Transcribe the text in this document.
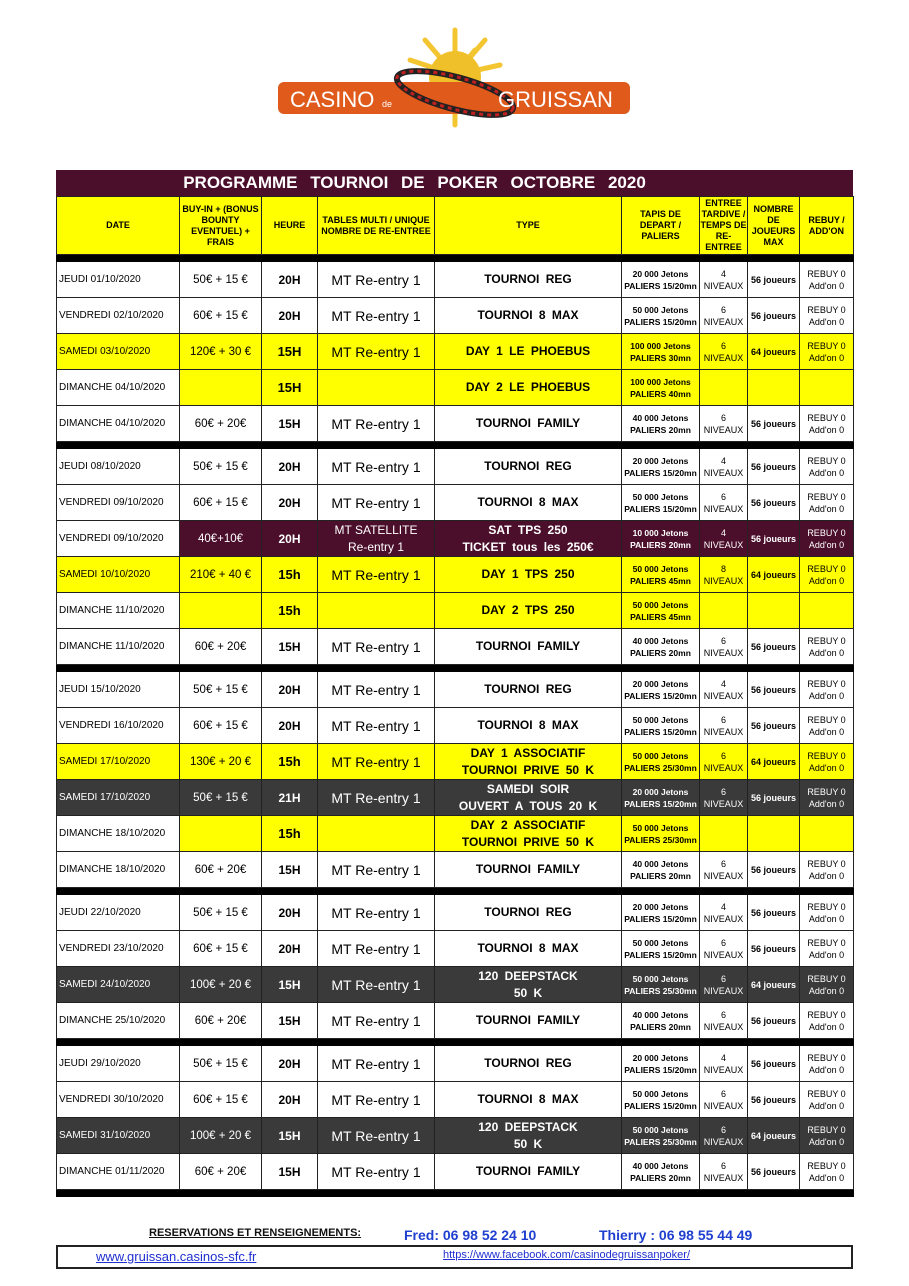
CASINO de	GRUISSAN
PROGRAMME TOURNOI DE POKER OCTOBRE 2020
DATE	BUY-IN + (BONUS BOUNTY EVENTUEL) + FRAIS	HEURE	TABLES MULTI / UNIQUE NOMBRE DE RE-ENTREE	TYPE	TAPIS DE DEPART / PALIERS	ENTREE TARDIVE / TEMPS DE RE-ENTREE	NOMBRE DE JOUEURS MAX	REBUY / ADD'ON

JEUDI 01/10/2020	50€ + 15 €	20H	MT Re-entry 1	TOURNOI REG	20 000 Jetons
PALIERS 15/20mn	4
NIVEAUX	56 joueurs	REBUY 0
Add'on 0
VENDREDI 02/10/2020	60€ + 15 €	20H	MT Re-entry 1	TOURNOI 8 MAX	50 000 Jetons
PALIERS 15/20mn	6
NIVEAUX	56 joueurs	REBUY 0
Add'on 0
SAMEDI 03/10/2020	120€ + 30 €	15H	MT Re-entry 1	DAY 1 LE PHOEBUS	100 000 Jetons
PALIERS 30mn	6
NIVEAUX	64 joueurs	REBUY 0
Add'on 0
DIMANCHE 04/10/2020		15H		DAY 2 LE PHOEBUS	100 000 Jetons
PALIERS 40mn			
DIMANCHE 04/10/2020	60€ + 20€	15H	MT Re-entry 1	TOURNOI FAMILY	40 000 Jetons
PALIERS 20mn	6
NIVEAUX	56 joueurs	REBUY 0
Add'on 0

JEUDI 08/10/2020	50€ + 15 €	20H	MT Re-entry 1	TOURNOI REG	20 000 Jetons
PALIERS 15/20mn	4
NIVEAUX	56 joueurs	REBUY 0
Add'on 0
VENDREDI 09/10/2020	60€ + 15 €	20H	MT Re-entry 1	TOURNOI 8 MAX	50 000 Jetons
PALIERS 15/20mn	6
NIVEAUX	56 joueurs	REBUY 0
Add'on 0
VENDREDI 09/10/2020	40€+10€	20H	MT SATELLITE
Re-entry 1	SAT TPS 250
TICKET tous les 250€	10 000 Jetons
PALIERS 20mn	4
NIVEAUX	56 joueurs	REBUY 0
Add'on 0
SAMEDI 10/10/2020	210€ + 40 €	15h	MT Re-entry 1	DAY 1 TPS 250	50 000 Jetons
PALIERS 45mn	8
NIVEAUX	64 joueurs	REBUY 0
Add'on 0
DIMANCHE 11/10/2020		15h		DAY 2 TPS 250	50 000 Jetons
PALIERS 45mn			
DIMANCHE 11/10/2020	60€ + 20€	15H	MT Re-entry 1	TOURNOI FAMILY	40 000 Jetons
PALIERS 20mn	6
NIVEAUX	56 joueurs	REBUY 0
Add'on 0

JEUDI 15/10/2020	50€ + 15 €	20H	MT Re-entry 1	TOURNOI REG	20 000 Jetons
PALIERS 15/20mn	4
NIVEAUX	56 joueurs	REBUY 0
Add'on 0
VENDREDI 16/10/2020	60€ + 15 €	20H	MT Re-entry 1	TOURNOI 8 MAX	50 000 Jetons
PALIERS 15/20mn	6
NIVEAUX	56 joueurs	REBUY 0
Add'on 0
SAMEDI 17/10/2020	130€ + 20 €	15h	MT Re-entry 1	DAY 1 ASSOCIATIF
TOURNOI PRIVE 50 K	50 000 Jetons
PALIERS 25/30mn	6
NIVEAUX	64 joueurs	REBUY 0
Add'on 0
SAMEDI 17/10/2020	50€ + 15 €	21H	MT Re-entry 1	SAMEDI SOIR
OUVERT A TOUS 20 K	20 000 Jetons
PALIERS 15/20mn	6
NIVEAUX	56 joueurs	REBUY 0
Add'on 0
DIMANCHE 18/10/2020		15h		DAY 2 ASSOCIATIF
TOURNOI PRIVE 50 K	50 000 Jetons
PALIERS 25/30mn			
DIMANCHE 18/10/2020	60€ + 20€	15H	MT Re-entry 1	TOURNOI FAMILY	40 000 Jetons
PALIERS 20mn	6
NIVEAUX	56 joueurs	REBUY 0
Add'on 0

JEUDI 22/10/2020	50€ + 15 €	20H	MT Re-entry 1	TOURNOI REG	20 000 Jetons
PALIERS 15/20mn	4
NIVEAUX	56 joueurs	REBUY 0
Add'on 0
VENDREDI 23/10/2020	60€ + 15 €	20H	MT Re-entry 1	TOURNOI 8 MAX	50 000 Jetons
PALIERS 15/20mn	6
NIVEAUX	56 joueurs	REBUY 0
Add'on 0
SAMEDI 24/10/2020	100€ + 20 €	15H	MT Re-entry 1	120 DEEPSTACK
50 K	50 000 Jetons
PALIERS 25/30mn	6
NIVEAUX	64 joueurs	REBUY 0
Add'on 0
DIMANCHE 25/10/2020	60€ + 20€	15H	MT Re-entry 1	TOURNOI FAMILY	40 000 Jetons
PALIERS 20mn	6
NIVEAUX	56 joueurs	REBUY 0
Add'on 0

JEUDI 29/10/2020	50€ + 15 €	20H	MT Re-entry 1	TOURNOI REG	20 000 Jetons
PALIERS 15/20mn	4
NIVEAUX	56 joueurs	REBUY 0
Add'on 0
VENDREDI 30/10/2020	60€ + 15 €	20H	MT Re-entry 1	TOURNOI 8 MAX	50 000 Jetons
PALIERS 15/20mn	6
NIVEAUX	56 joueurs	REBUY 0
Add'on 0
SAMEDI 31/10/2020	100€ + 20 €	15H	MT Re-entry 1	120 DEEPSTACK
50 K	50 000 Jetons
PALIERS 25/30mn	6
NIVEAUX	64 joueurs	REBUY 0
Add'on 0
DIMANCHE 01/11/2020	60€ + 20€	15H	MT Re-entry 1	TOURNOI FAMILY	40 000 Jetons
PALIERS 20mn	6
NIVEAUX	56 joueurs	REBUY 0
Add'on 0

RESERVATIONS ET RENSEIGNEMENTS:	Fred: 06 98 52 24 10	Thierry : 06 98 55 44 49
www.gruissan.casinos-sfc.fr	https://www.facebook.com/casinodegruissanpoker/
